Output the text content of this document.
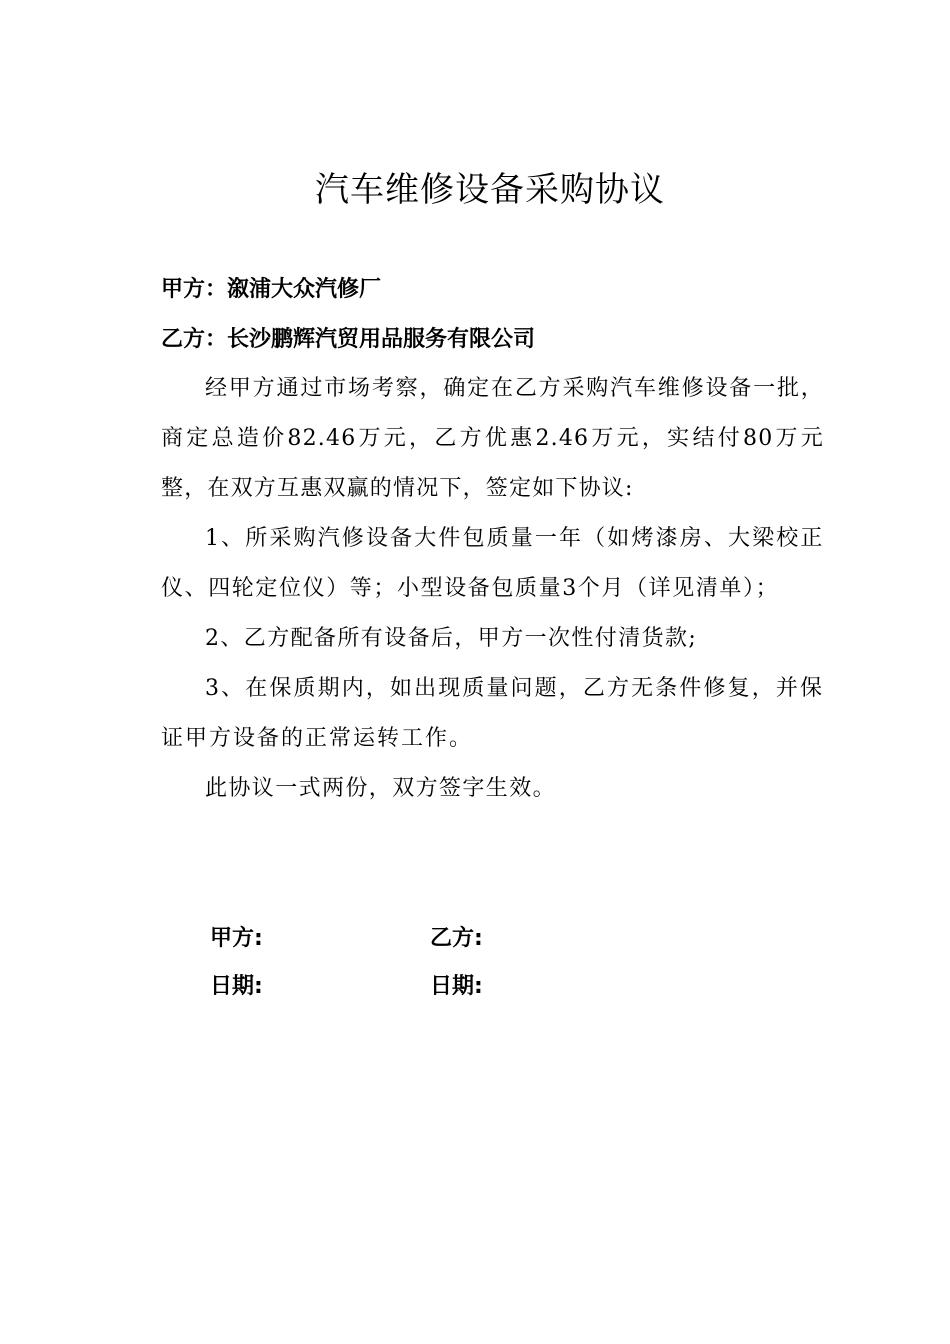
汽车维修设备采购协议
甲方：溆浦大众汽修厂
乙方：长沙鹏辉汽贸用品服务有限公司

经甲方通过市场考察，确定在乙方采购汽车维修设备一批，商定总造价82.46万元，乙方优惠2.46万元，实结付80万元整，在双方互惠双赢的情况下，签定如下协议:

1、所采购汽修设备大件包质量一年（如烤漆房、大梁校正仪、四轮定位仪）等；小型设备包质量3个月（详见清单）；

2、乙方配备所有设备后，甲方一次性付清货款;

3、在保质期内，如出现质量问题，乙方无条件修复，并保证甲方设备的正常运转工作。

此协议一式两份，双方签字生效。

甲方:	乙方:
日期:	日期:
